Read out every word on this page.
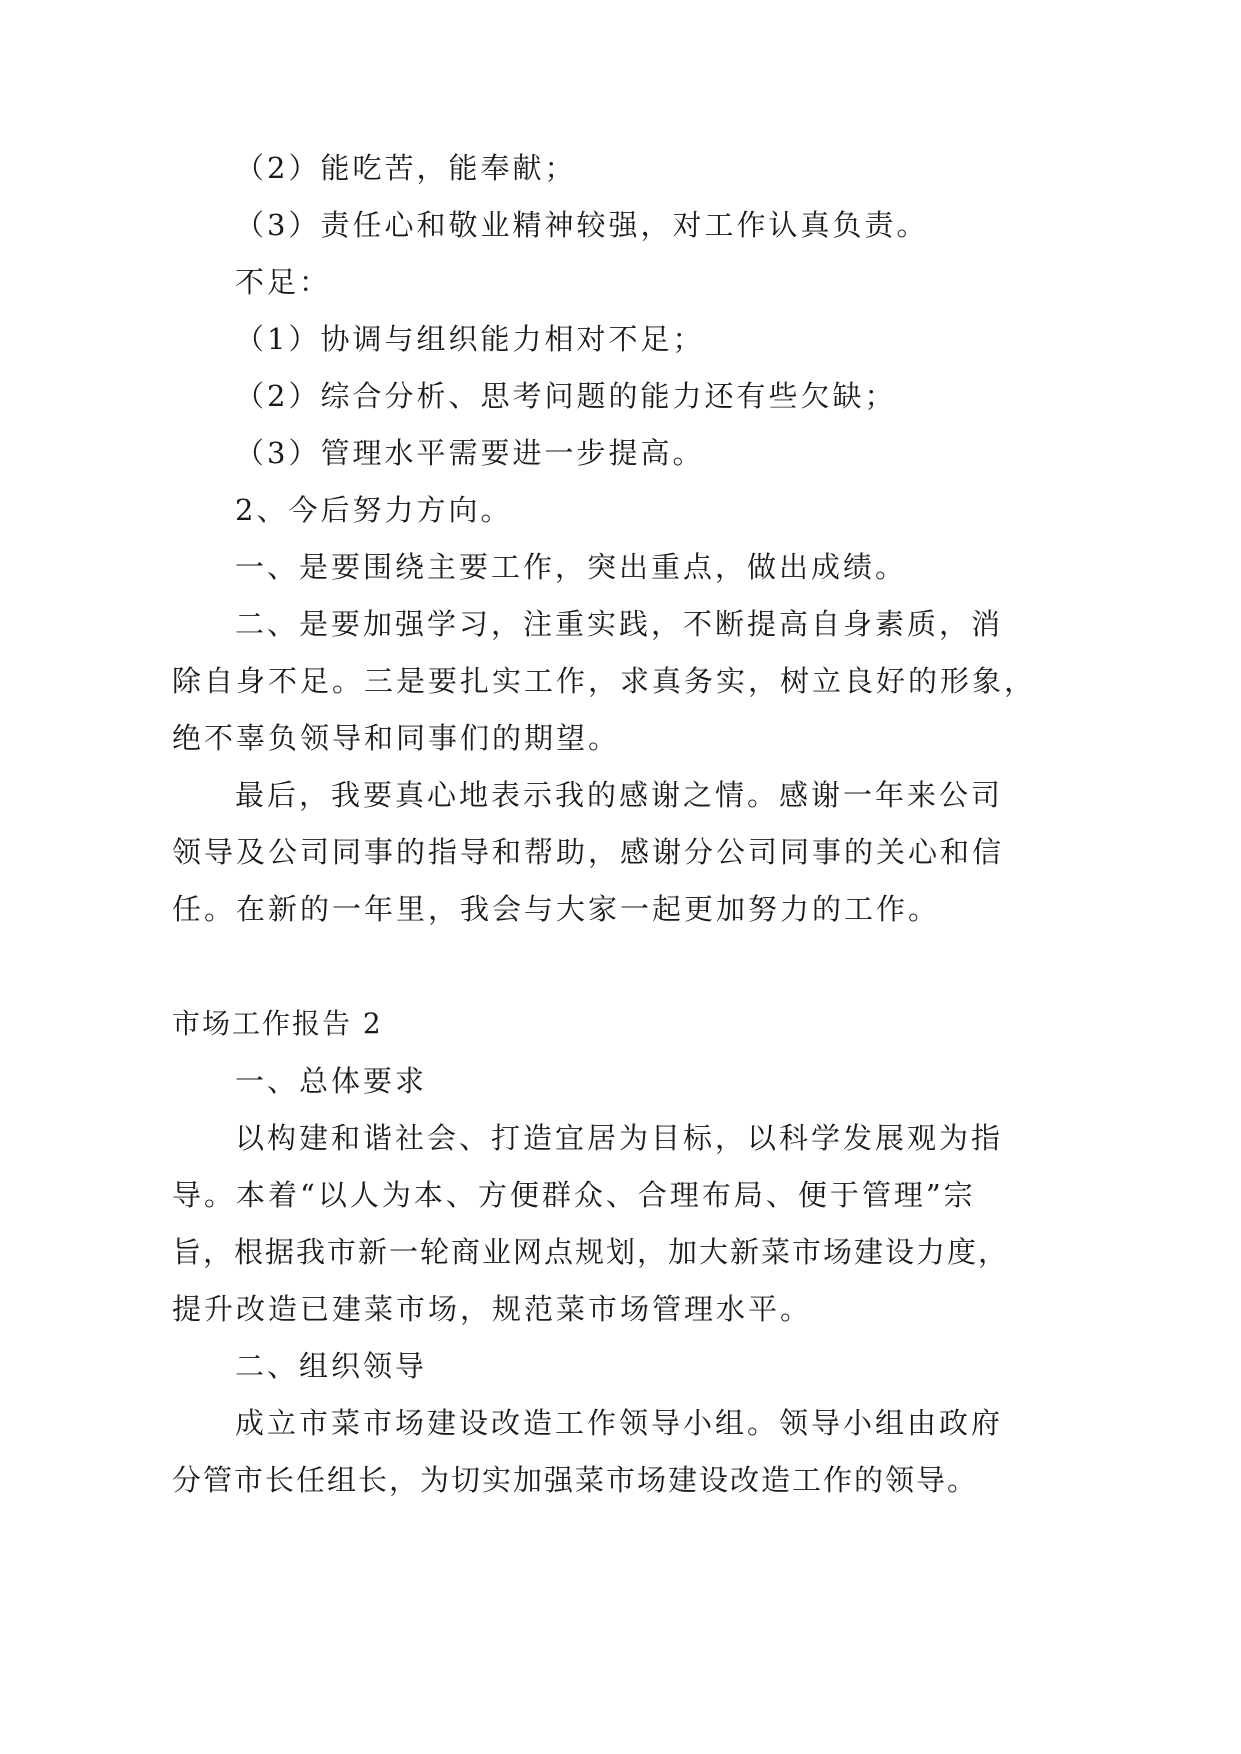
（2）能吃苦，能奉献；
（3）责任心和敬业精神较强，对工作认真负责。
不足：
（1）协调与组织能力相对不足；
（2）综合分析、思考问题的能力还有些欠缺；
（3）管理水平需要进一步提高。
2、今后努力方向。
一、是要围绕主要工作，突出重点，做出成绩。
二、是要加强学习，注重实践，不断提高自身素质，消
除自身不足。三是要扎实工作，求真务实，树立良好的形象，
绝不辜负领导和同事们的期望。
最后，我要真心地表示我的感谢之情。感谢一年来公司
领导及公司同事的指导和帮助，感谢分公司同事的关心和信
任。在新的一年里，我会与大家一起更加努力的工作。
市场工作报告 2
一、总体要求
以构建和谐社会、打造宜居为目标，以科学发展观为指
导。本着“以人为本、方便群众、合理布局、便于管理”宗
旨，根据我市新一轮商业网点规划，加大新菜市场建设力度，
提升改造已建菜市场，规范菜市场管理水平。
二、组织领导
成立市菜市场建设改造工作领导小组。领导小组由政府
分管市长任组长，为切实加强菜市场建设改造工作的领导。
